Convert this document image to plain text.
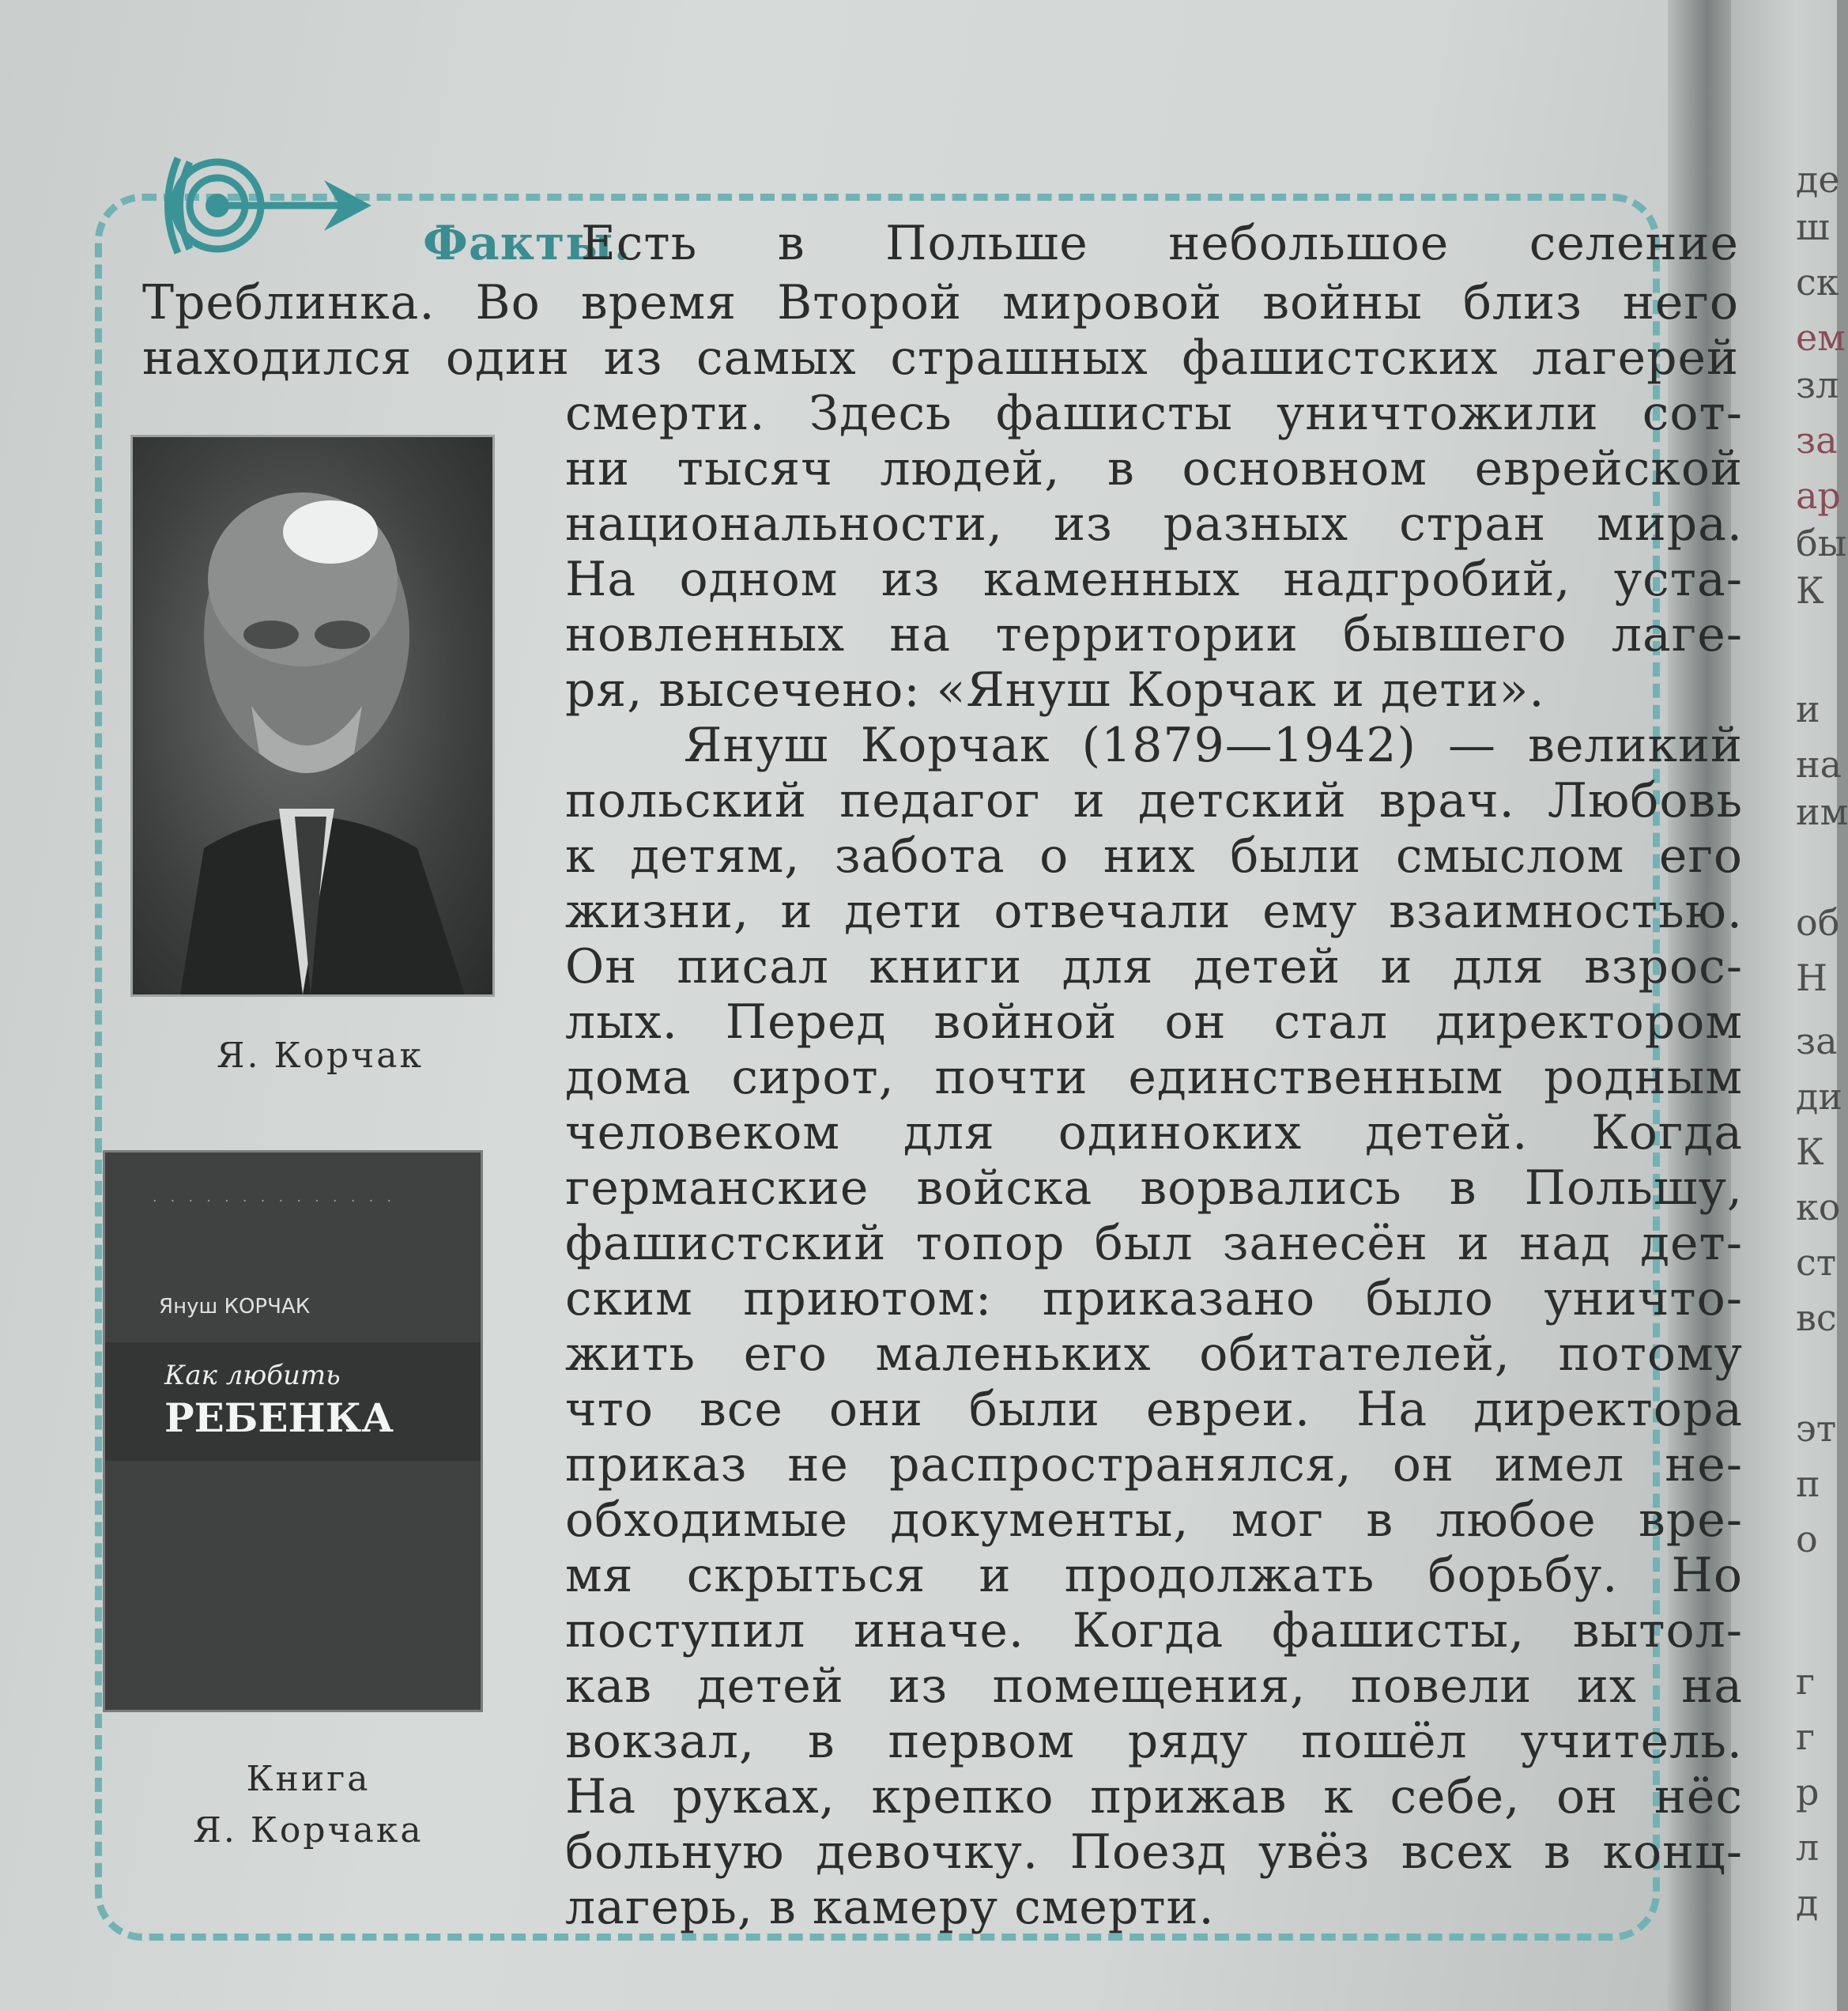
де
ш
ск
ем
зл
за
ар
бы
К
и
на
им
об
Н
за
ди
К
ко
ст
вс
эт
п
о
г
г
р
л
д
Факты.
Есть в Польше небольшое селение
Треблинка. Во время Второй мировой войны близ него
находился один из самых страшных фашистских лагерей
смерти. Здесь фашисты уничтожили сот-
ни тысяч людей, в основном еврейской
национальности, из разных стран мира.
На одном из каменных надгробий, уста-
новленных на территории бывшего лаге-
ря, высечено: «Януш Корчак и дети».
Януш Корчак (1879—1942) — великий
польский педагог и детский врач. Любовь
к детям, забота о них были смыслом его
жизни, и дети отвечали ему взаимностью.
Он писал книги для детей и для взрос-
лых. Перед войной он стал директором
дома сирот, почти единственным родным
человеком для одиноких детей. Когда
германские войска ворвались в Польшу,
фашистский топор был занесён и над дет-
ским приютом: приказано было уничто-
жить его маленьких обитателей, потому
что все они были евреи. На директора
приказ не распространялся, он имел не-
обходимые документы, мог в любое вре-
мя скрыться и продолжать борьбу. Но
поступил иначе. Когда фашисты, вытол-
кав детей из помещения, повели их на
вокзал, в первом ряду пошёл учитель.
На руках, крепко прижав к себе, он нёс
больную девочку. Поезд увёз всех в конц-
лагерь, в камеру смерти.
Я. Корчак
· · · · · · · · · · · · · ·
Януш КОРЧАК
Как любить
РЕБЕНКА
Книга
Я. Корчака
